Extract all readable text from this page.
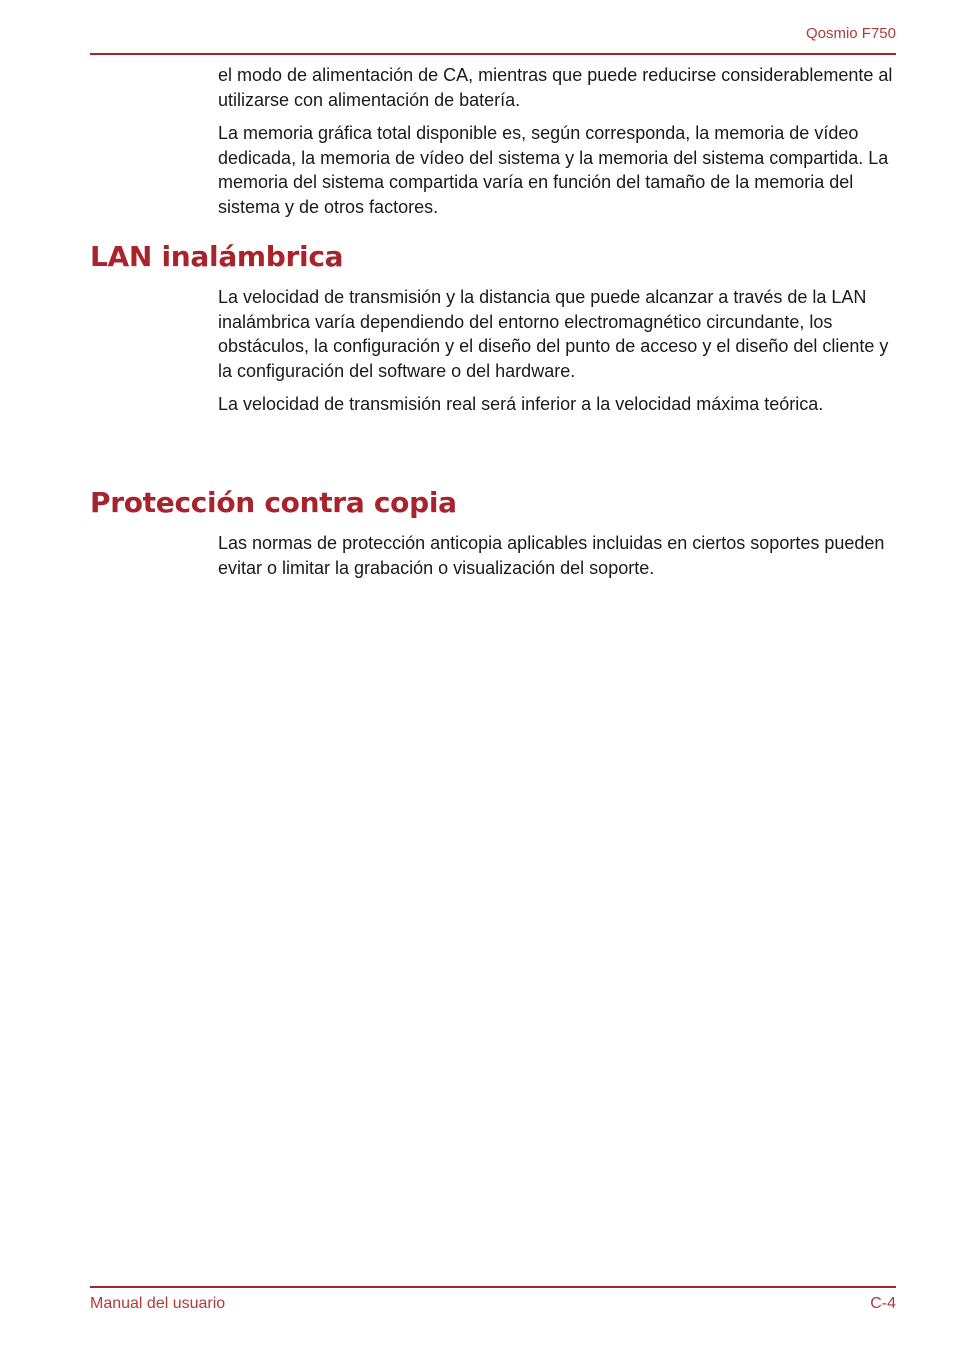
Qosmio F750

el modo de alimentación de CA, mientras que puede reducirse considerablemente al utilizarse con alimentación de batería.

La memoria gráfica total disponible es, según corresponda, la memoria de vídeo dedicada, la memoria de vídeo del sistema y la memoria del sistema compartida. La memoria del sistema compartida varía en función del tamaño de la memoria del sistema y de otros factores.

LAN inalámbrica

La velocidad de transmisión y la distancia que puede alcanzar a través de la LAN inalámbrica varía dependiendo del entorno electromagnético circundante, los obstáculos, la configuración y el diseño del punto de acceso y el diseño del cliente y la configuración del software o del hardware.

La velocidad de transmisión real será inferior a la velocidad máxima teórica.

Protección contra copia

Las normas de protección anticopia aplicables incluidas en ciertos soportes pueden evitar o limitar la grabación o visualización del soporte.

Manual del usuario	C-4
